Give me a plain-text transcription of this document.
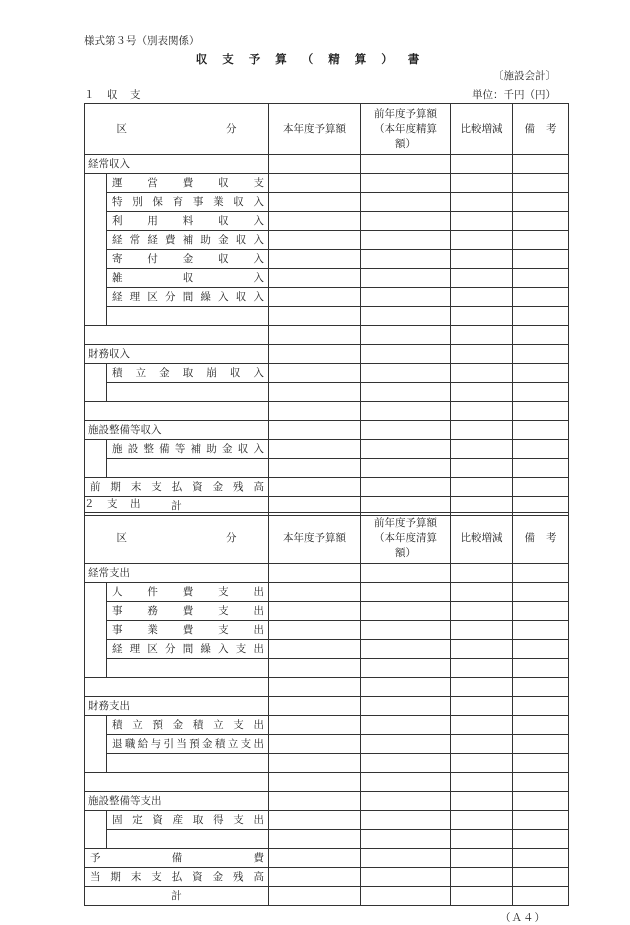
様式第３号（別表関係）
収支予算（精算）書
〔施設会計〕
１　収　支	単位：千円（円）
区　　分		本年度予算額	前年度予算額（本年度精算額）	比較増減	備　考
経常収入					
	運営費収支				
	特別保育事業収入				
	利用料収入				
	経常経費補助金収入				
	寄付金収入				
	雑収入				
	経理区分間繰入収入				

財務収入					
	積立金取崩収入				

施設整備等収入					
	施設整備等補助金収入				

前期末支払資金残高					
計					
２　支　出
区　　分		本年度予算額	前年度予算額（本年度清算額）	比較増減	備　考
経常支出					
	人件費支出				
	事務費支出				
	事業費支出				
	経理区分間繰入支出				

財務支出					
	積立預金積立支出				
	退職給与引当預金積立支出				

施設整備等支出					
	固定資産取得支出				

予備費					
当期末支払資金残高					
計					
（Ａ４）
